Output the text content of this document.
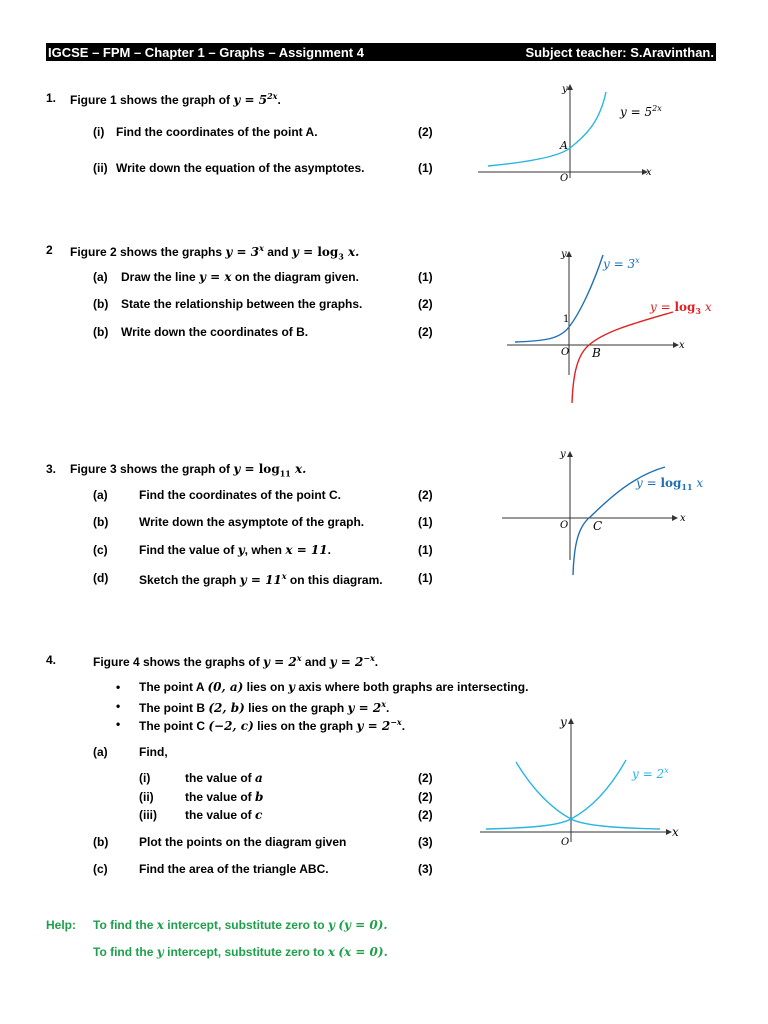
IGCSE – FPM – Chapter 1 – Graphs – Assignment 4	Subject teacher: S.Aravinthan.
1. Figure 1 shows the graph of $y = 5^{2x}$.
(i) Find the coordinates of the point A.	(2)
(ii) Write down the equation of the asymptotes.	(1)
y
x
O
A
$y = 5^{2x}$
2 Figure 2 shows the graphs $y = 3^x$ and $y = \log_3 x$.
(a) Draw the line y = x on the diagram given.	(1)
(b) State the relationship between the graphs.	(2)
(b) Write down the coordinates of B.	(2)
y
x
O
1
B
$y = 3^x$
$y = \log_3 x$
3. Figure 3 shows the graph of $y = \log_{11} x$.
(a)	Find the coordinates of the point C.	(2)
(b)	Write down the asymptote of the graph.	(1)
(c)	Find the value of y, when x = 11.	(1)
(d)	Sketch the graph $y = 11^x$ on this diagram.	(1)
y
x
O C
$y = \log_{11} x$
4.	Figure 4 shows the graphs of $y = 2^x$ and $y = 2^{-x}$.
• The point A (0, a) lies on y axis where both graphs are intersecting.
• The point B (2, b) lies on the graph $y = 2^x$.
• The point C (−2, c) lies on the graph $y = 2^{-x}$.
(a)	Find,
(i)	the value of a	(2)
(ii)	the value of b	(2)
(iii) the value of c	(2)
(b)	Plot the points on the diagram given	(3)
(c)	Find the area of the triangle ABC.	(3)
y
x
O
$y = 2^x$
Help: To find the x intercept, substitute zero to y (y = 0).
To find the y intercept, substitute zero to x (x = 0).
